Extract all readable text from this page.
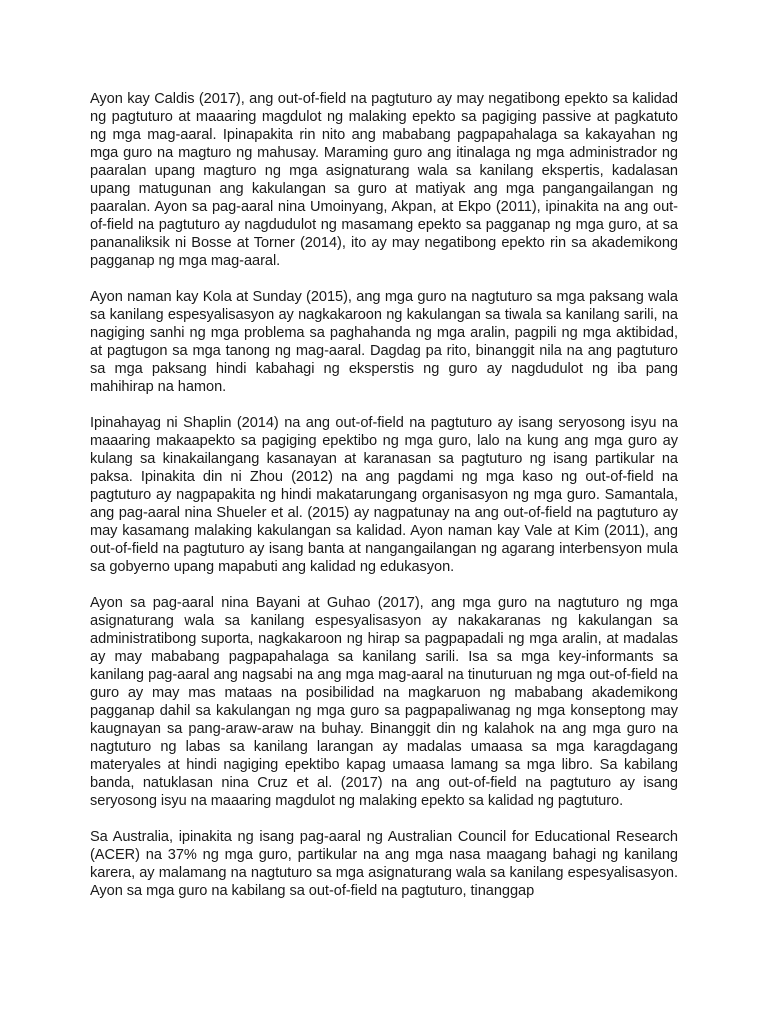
Ayon kay Caldis (2017), ang out-of-field na pagtuturo ay may negatibong epekto sa kalidad ng pagtuturo at maaaring magdulot ng malaking epekto sa pagiging passive at pagkatuto ng mga mag-aaral. Ipinapakita rin nito ang mababang pagpapahalaga sa kakayahan ng mga guro na magturo ng mahusay. Maraming guro ang itinalaga ng mga administrador ng paaralan upang magturo ng mga asignaturang wala sa kanilang ekspertis, kadalasan upang matugunan ang kakulangan sa guro at matiyak ang mga pangangailangan ng paaralan. Ayon sa pag-aaral nina Umoinyang, Akpan, at Ekpo (2011), ipinakita na ang out-of-field na pagtuturo ay nagdudulot ng masamang epekto sa pagganap ng mga guro, at sa pananaliksik ni Bosse at Torner (2014), ito ay may negatibong epekto rin sa akademikong pagganap ng mga mag-aaral.

Ayon naman kay Kola at Sunday (2015), ang mga guro na nagtuturo sa mga paksang wala sa kanilang espesyalisasyon ay nagkakaroon ng kakulangan sa tiwala sa kanilang sarili, na nagiging sanhi ng mga problema sa paghahanda ng mga aralin, pagpili ng mga aktibidad, at pagtugon sa mga tanong ng mag-aaral. Dagdag pa rito, binanggit nila na ang pagtuturo sa mga paksang hindi kabahagi ng eksperstis ng guro ay nagdudulot ng iba pang mahihirap na hamon.

Ipinahayag ni Shaplin (2014) na ang out-of-field na pagtuturo ay isang seryosong isyu na maaaring makaapekto sa pagiging epektibo ng mga guro, lalo na kung ang mga guro ay kulang sa kinakailangang kasanayan at karanasan sa pagtuturo ng isang partikular na paksa. Ipinakita din ni Zhou (2012) na ang pagdami ng mga kaso ng out-of-field na pagtuturo ay nagpapakita ng hindi makatarungang organisasyon ng mga guro. Samantala, ang pag-aaral nina Shueler et al. (2015) ay nagpatunay na ang out-of-field na pagtuturo ay may kasamang malaking kakulangan sa kalidad. Ayon naman kay Vale at Kim (2011), ang out-of-field na pagtuturo ay isang banta at nangangailangan ng agarang interbensyon mula sa gobyerno upang mapabuti ang kalidad ng edukasyon.

Ayon sa pag-aaral nina Bayani at Guhao (2017), ang mga guro na nagtuturo ng mga asignaturang wala sa kanilang espesyalisasyon ay nakakaranas ng kakulangan sa administratibong suporta, nagkakaroon ng hirap sa pagpapadali ng mga aralin, at madalas ay may mababang pagpapahalaga sa kanilang sarili. Isa sa mga key-informants sa kanilang pag-aaral ang nagsabi na ang mga mag-aaral na tinuturuan ng mga out-of-field na guro ay may mas mataas na posibilidad na magkaruon ng mababang akademikong pagganap dahil sa kakulangan ng mga guro sa pagpapaliwanag ng mga konseptong may kaugnayan sa pang-araw-araw na buhay. Binanggit din ng kalahok na ang mga guro na nagtuturo ng labas sa kanilang larangan ay madalas umaasa sa mga karagdagang materyales at hindi nagiging epektibo kapag umaasa lamang sa mga libro. Sa kabilang banda, natuklasan nina Cruz et al. (2017) na ang out-of-field na pagtuturo ay isang seryosong isyu na maaaring magdulot ng malaking epekto sa kalidad ng pagtuturo.

Sa Australia, ipinakita ng isang pag-aaral ng Australian Council for Educational Research (ACER) na 37% ng mga guro, partikular na ang mga nasa maagang bahagi ng kanilang karera, ay malamang na nagtuturo sa mga asignaturang wala sa kanilang espesyalisasyon. Ayon sa mga guro na kabilang sa out-of-field na pagtuturo, tinanggap
